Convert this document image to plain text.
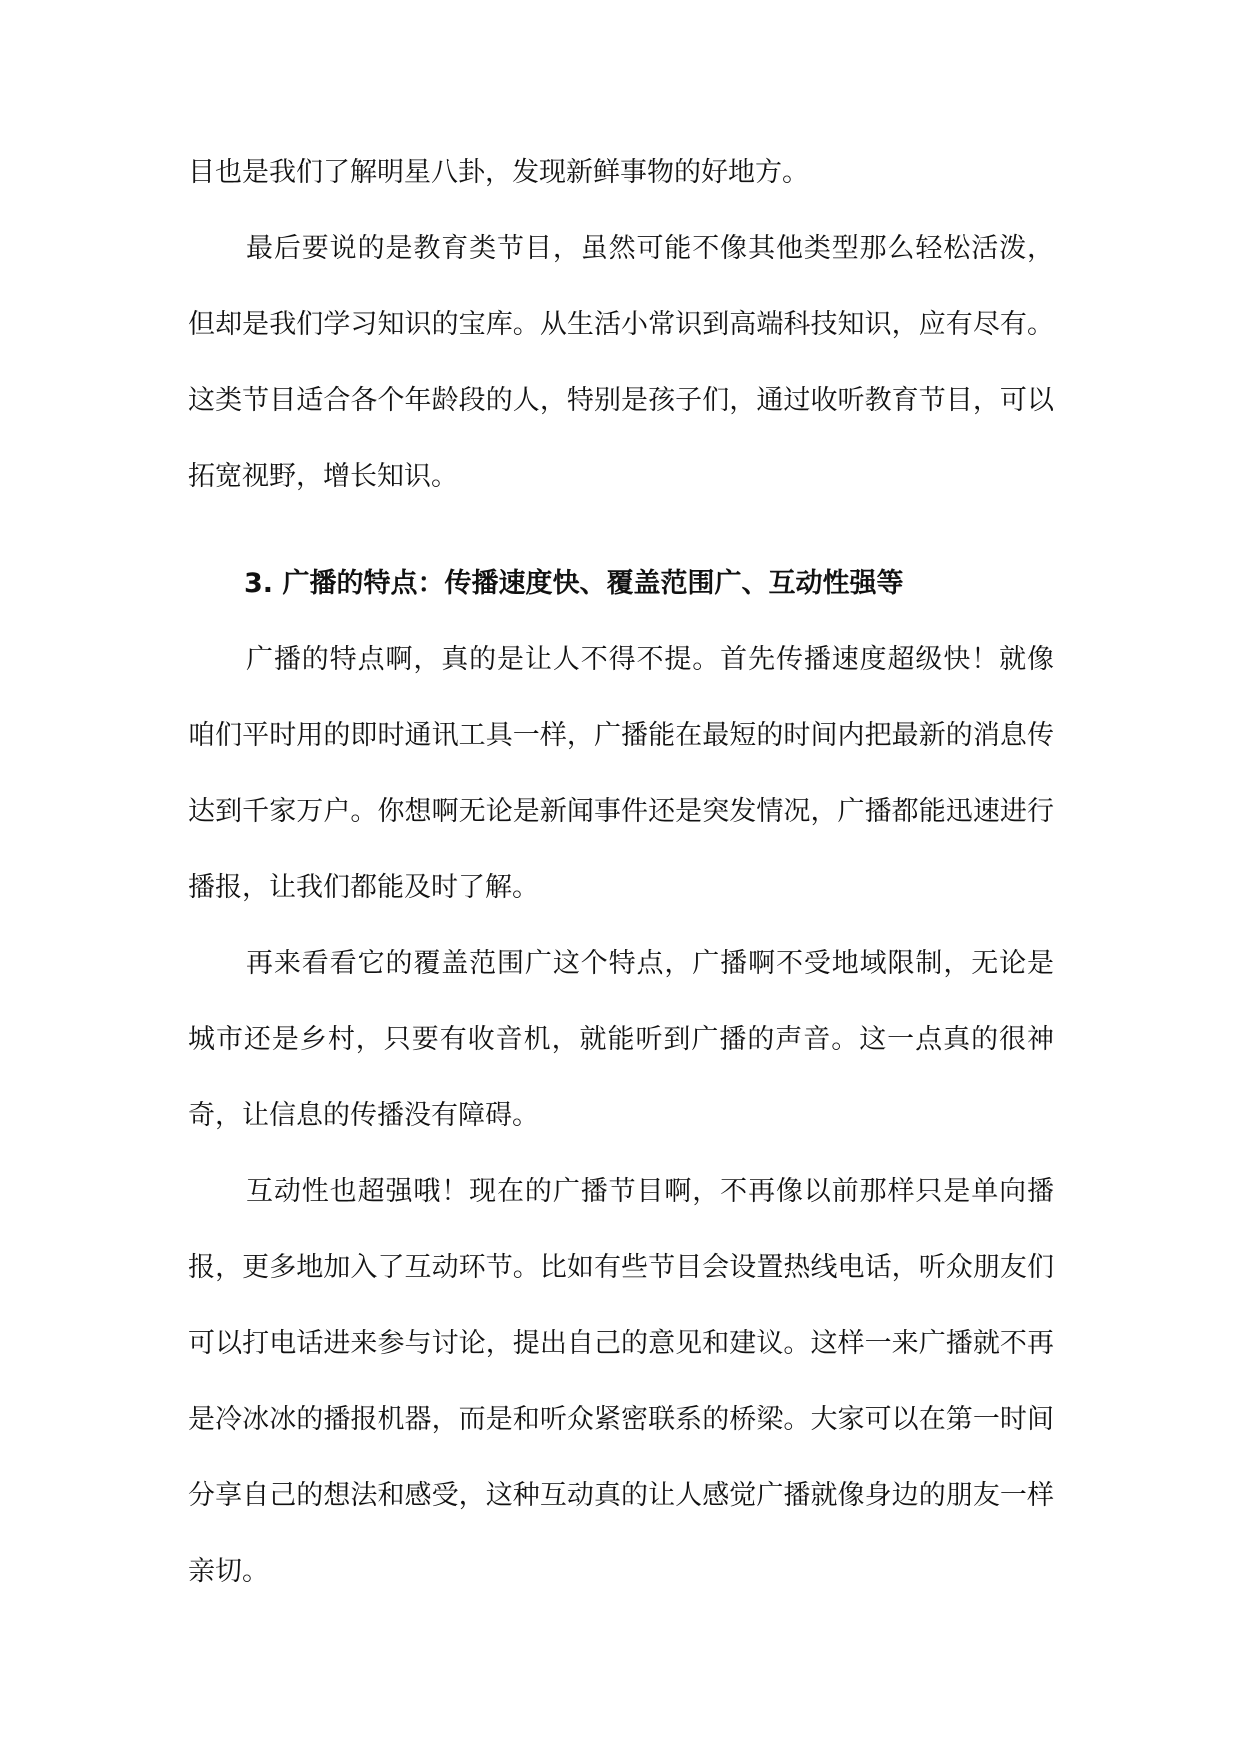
目也是我们了解明星八卦，发现新鲜事物的好地方。

最后要说的是教育类节目，虽然可能不像其他类型那么轻松活泼，但却是我们学习知识的宝库。从生活小常识到高端科技知识，应有尽有。这类节目适合各个年龄段的人，特别是孩子们，通过收听教育节目，可以拓宽视野，增长知识。

3. 广播的特点：传播速度快、覆盖范围广、互动性强等

广播的特点啊，真的是让人不得不提。首先传播速度超级快！就像咱们平时用的即时通讯工具一样，广播能在最短的时间内把最新的消息传达到千家万户。你想啊无论是新闻事件还是突发情况，广播都能迅速进行播报，让我们都能及时了解。

再来看看它的覆盖范围广这个特点，广播啊不受地域限制，无论是城市还是乡村，只要有收音机，就能听到广播的声音。这一点真的很神奇，让信息的传播没有障碍。

互动性也超强哦！现在的广播节目啊，不再像以前那样只是单向播报，更多地加入了互动环节。比如有些节目会设置热线电话，听众朋友们可以打电话进来参与讨论，提出自己的意见和建议。这样一来广播就不再是冷冰冰的播报机器，而是和听众紧密联系的桥梁。大家可以在第一时间分享自己的想法和感受，这种互动真的让人感觉广播就像身边的朋友一样亲切。
